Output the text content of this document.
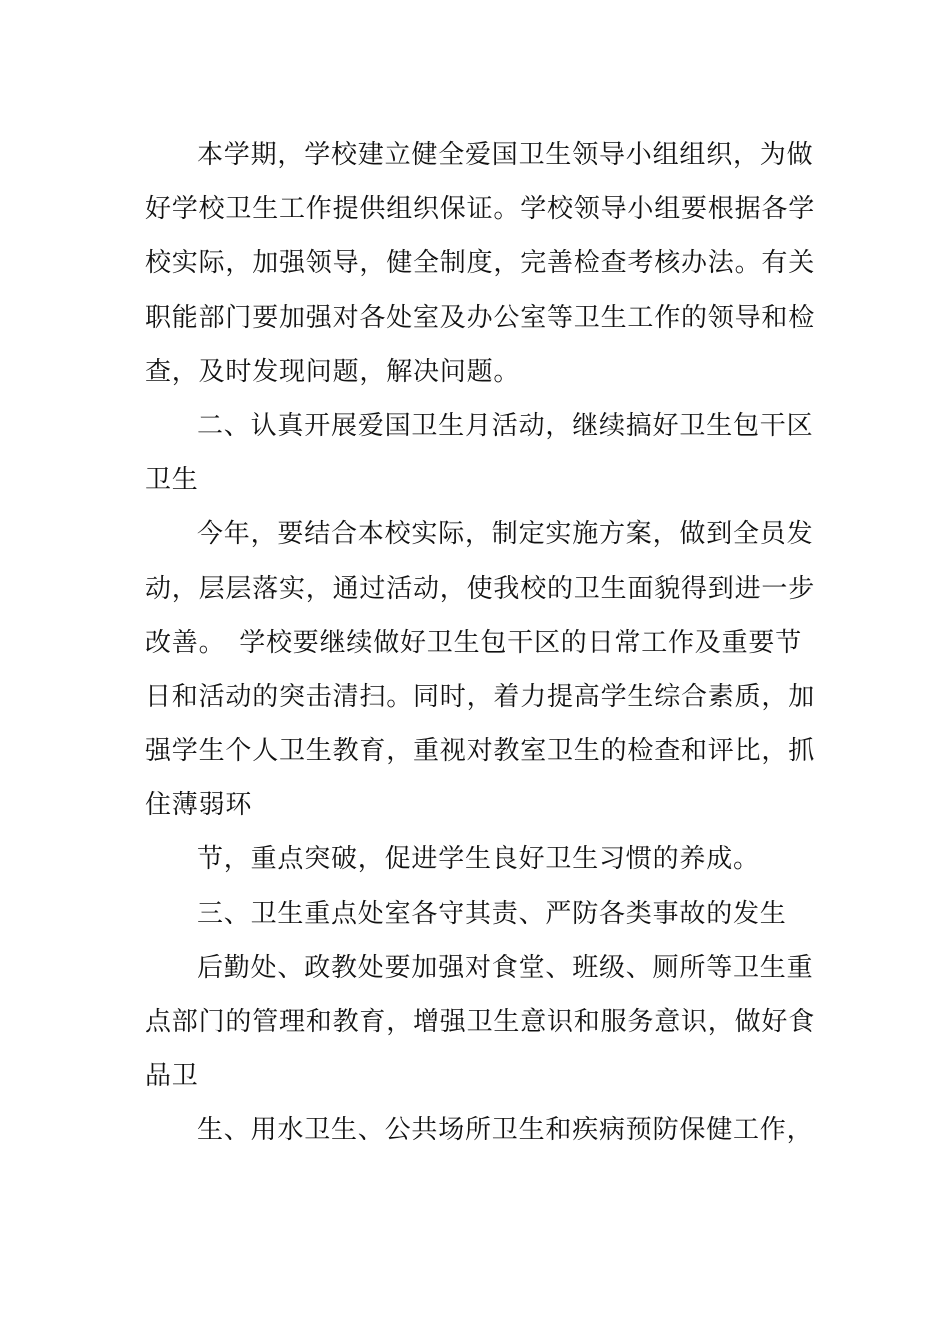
本学期，学校建立健全爱国卫生领导小组组织，为做
好学校卫生工作提供组织保证。学校领导小组要根据各学
校实际，加强领导，健全制度，完善检查考核办法。有关
职能部门要加强对各处室及办公室等卫生工作的领导和检
查，及时发现问题，解决问题。
二、认真开展爱国卫生月活动，继续搞好卫生包干区
卫生
今年，要结合本校实际，制定实施方案，做到全员发
动，层层落实，通过活动，使我校的卫生面貌得到进一步
改善。　学校要继续做好卫生包干区的日常工作及重要节
日和活动的突击清扫。同时，着力提高学生综合素质，加
强学生个人卫生教育，重视对教室卫生的检查和评比，抓
住薄弱环
节，重点突破，促进学生良好卫生习惯的养成。
三、卫生重点处室各守其责、严防各类事故的发生
后勤处、政教处要加强对食堂、班级、厕所等卫生重
点部门的管理和教育，增强卫生意识和服务意识，做好食
品卫
生、用水卫生、公共场所卫生和疾病预防保健工作，
